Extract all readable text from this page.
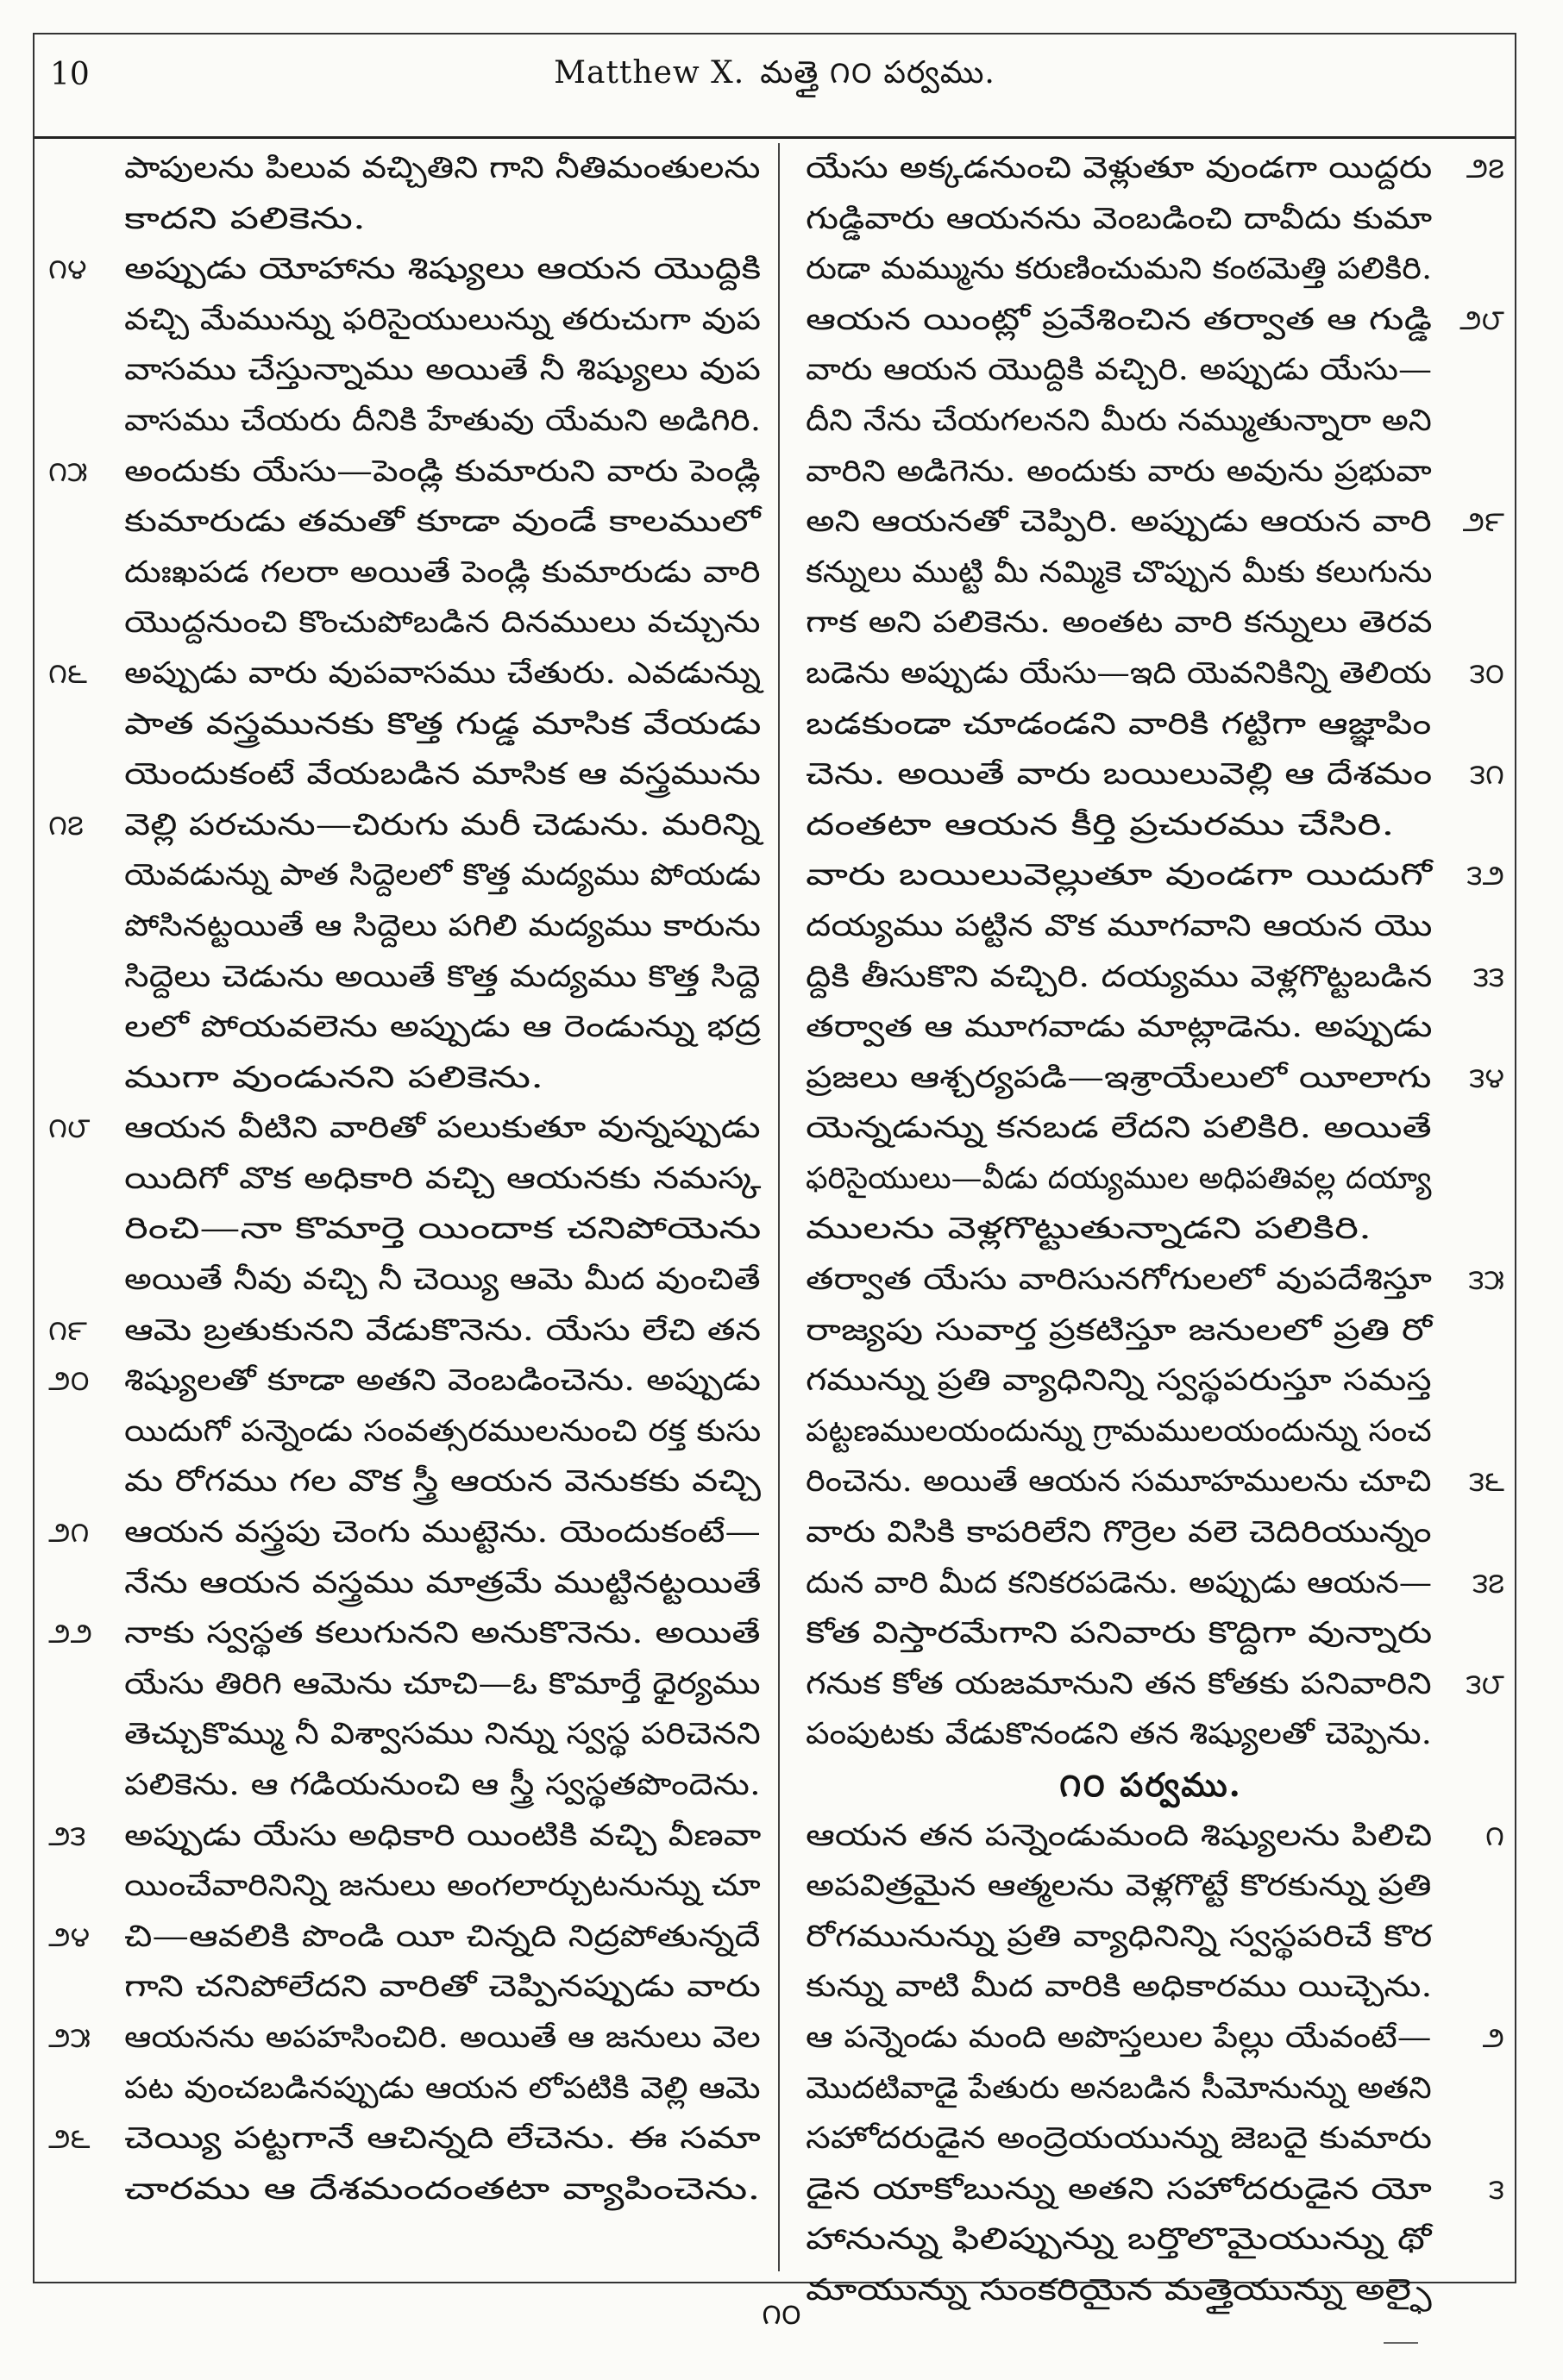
10	Matthew X. మత్తై ౧౦ పర్వము.
పాపులను పిలువ వచ్చితిని గాని నీతిమంతులను
కాదని పలికెను.
౧౪ అప్పుడు యోహాను శిష్యులు ఆయన యొద్దికి
వచ్చి మేమున్ను ఫరిసైయులున్ను తరుచుగా వుప
వాసము చేస్తున్నాము అయితే నీ శిష్యులు వుప
వాసము చేయరు దీనికి హేతువు యేమని అడిగిరి.
౧౫ అందుకు యేసు—పెండ్లి కుమారుని వారు పెండ్లి
కుమారుడు తమతో కూడా వుండే కాలములో
దుఃఖపడ గలరా అయితే పెండ్లి కుమారుడు వారి
యొద్దనుంచి కొంచుపోబడిన దినములు వచ్చును
౧౬ అప్పుడు వారు వుపవాసము చేతురు. ఎవడున్ను
పాత వస్త్రమునకు కొత్త గుడ్డ మాసిక వేయడు
యెందుకంటే వేయబడిన మాసిక ఆ వస్త్రమును
౧౭ వెల్లి పరచును—చిరుగు మరీ చెడును. మరిన్ని
యెవడున్ను పాత సిద్దెలలో కొత్త మద్యము పోయడు
పోసినట్టయితే ఆ సిద్దెలు పగిలి మద్యము కారును
సిద్దెలు చెడును అయితే కొత్త మద్యము కొత్త సిద్దె
లలో పోయవలెను అప్పుడు ఆ రెండున్ను భద్ర
ముగా వుండునని పలికెను.
౧౮ ఆయన వీటిని వారితో పలుకుతూ వున్నప్పుడు
యిదిగో వొక అధికారి వచ్చి ఆయనకు నమస్క
రించి—నా కొమార్తె యిందాక చనిపోయెను
అయితే నీవు వచ్చి నీ చెయ్యి ఆమె మీద వుంచితే
౧౯ ఆమె బ్రతుకునని వేడుకొనెను. యేసు లేచి తన
౨౦ శిష్యులతో కూడా అతని వెంబడించెను. అప్పుడు
యిదుగో పన్నెండు సంవత్సరములనుంచి రక్త కుసు
మ రోగము గల వొక స్త్రీ ఆయన వెనుకకు వచ్చి
౨౧ ఆయన వస్త్రపు చెంగు ముట్టెను. యెందుకంటే—
నేను ఆయన వస్త్రము మాత్రమే ముట్టినట్టయితే
౨౨ నాకు స్వస్థత కలుగునని అనుకొనెను. అయితే
యేసు తిరిగి ఆమెను చూచి—ఓ కొమార్తే ధైర్యము
తెచ్చుకొమ్ము నీ విశ్వాసము నిన్ను స్వస్థ పరిచెనని
పలికెను. ఆ గడియనుంచి ఆ స్త్రీ స్వస్థతపొందెను.
౨౩ అప్పుడు యేసు అధికారి యింటికి వచ్చి వీణవా
యించేవారినిన్ని జనులు అంగలార్చుటనున్ను చూ
౨౪ చి—ఆవలికి పొండి యీ చిన్నది నిద్రపోతున్నదే
గాని చనిపోలేదని వారితో చెప్పినప్పుడు వారు
౨౫ ఆయనను అపహసించిరి. అయితే ఆ జనులు వెల
పట వుంచబడినప్పుడు ఆయన లోపటికి వెల్లి ఆమె
౨౬ చెయ్యి పట్టగానే ఆచిన్నది లేచెను. ఈ సమా
చారము ఆ దేశమందంతటా వ్యాపించెను.
౨౭
యేసు అక్కడనుంచి వెళ్లుతూ వుండగా యిద్దరు
గుడ్డివారు ఆయనను వెంబడించి దావీదు కుమా
రుడా మమ్మును కరుణించుమని కంఠమెత్తి పలికిరి.
౨౮
ఆయన యింట్లో ప్రవేశించిన తర్వాత ఆ గుడ్డి
వారు ఆయన యొద్దికి వచ్చిరి. అప్పుడు యేసు—
దీని నేను చేయగలనని మీరు నమ్ముతున్నారా అని
వారిని అడిగెను. అందుకు వారు అవును ప్రభువా
౨౯
అని ఆయనతో చెప్పిరి. అప్పుడు ఆయన వారి
కన్నులు ముట్టి మీ నమ్మికె చొప్పున మీకు కలుగును
గాక అని పలికెను. అంతట వారి కన్నులు తెరవ
౩౦
బడెను అప్పుడు యేసు—ఇది యెవనికిన్ని తెలియ
బడకుండా చూడండని వారికి గట్టిగా ఆజ్ఞాపిం
౩౧
చెను. అయితే వారు బయిలువెల్లి ఆ దేశమం
దంతటా ఆయన కీర్తి ప్రచురము చేసిరి.
౩౨
వారు బయిలువెల్లుతూ వుండగా యిదుగో
దయ్యము పట్టిన వొక మూగవాని ఆయన యొ
౩౩
ద్దికి తీసుకొని వచ్చిరి. దయ్యము వెళ్లగొట్టబడిన
తర్వాత ఆ మూగవాడు మాట్లాడెను. అప్పుడు
౩౪
ప్రజలు ఆశ్చర్యపడి—ఇశ్రాయేలులో యీలాగు
యెన్నడున్ను కనబడ లేదని పలికిరి. అయితే
ఫరిసైయులు—వీడు దయ్యముల అధిపతివల్ల దయ్యా
ములను వెళ్లగొట్టుతున్నాడని పలికిరి.
౩౫
తర్వాత యేసు వారిసునగోగులలో వుపదేశిస్తూ
రాజ్యపు సువార్త ప్రకటిస్తూ జనులలో ప్రతి రో
గమున్ను ప్రతి వ్యాధినిన్ని స్వస్థపరుస్తూ సమస్త
పట్టణములయందున్ను గ్రామములయందున్ను సంచ
౩౬
రించెను. అయితే ఆయన సమూహములను చూచి
వారు విసికి కాపరిలేని గొర్రెల వలె చెదిరియున్నం
౩౭
దున వారి మీద కనికరపడెను. అప్పుడు ఆయన—
కోత విస్తారమేగాని పనివారు కొద్దిగా వున్నారు
౩౮
గనుక కోత యజమానుని తన కోతకు పనివారిని
పంపుటకు వేడుకొనండని తన శిష్యులతో చెప్పెను.
౧౦ పర్వము.
౧
ఆయన తన పన్నెండుమంది శిష్యులను పిలిచి
అపవిత్రమైన ఆత్మలను వెళ్లగొట్టే కొరకున్ను ప్రతి
రోగమునున్ను ప్రతి వ్యాధినిన్ని స్వస్థపరిచే కొర
కున్ను వాటి మీద వారికి అధికారము యిచ్చెను.
౨
ఆ పన్నెండు మంది అపొస్తలుల పేల్లు యేవంటే—
మొదటివాడై పేతురు అనబడిన సీమోనున్ను అతని
సహోదరుడైన అంద్రెయయున్ను జెబదై కుమారు
౩
డైన యాకోబున్ను అతని సహోదరుడైన యో
హానున్ను ఫిలిప్పున్ను బర్తొలొమైయున్ను థో
మాయున్ను సుంకరియైన మత్తైయున్ను అల్ఫై
౧౦
